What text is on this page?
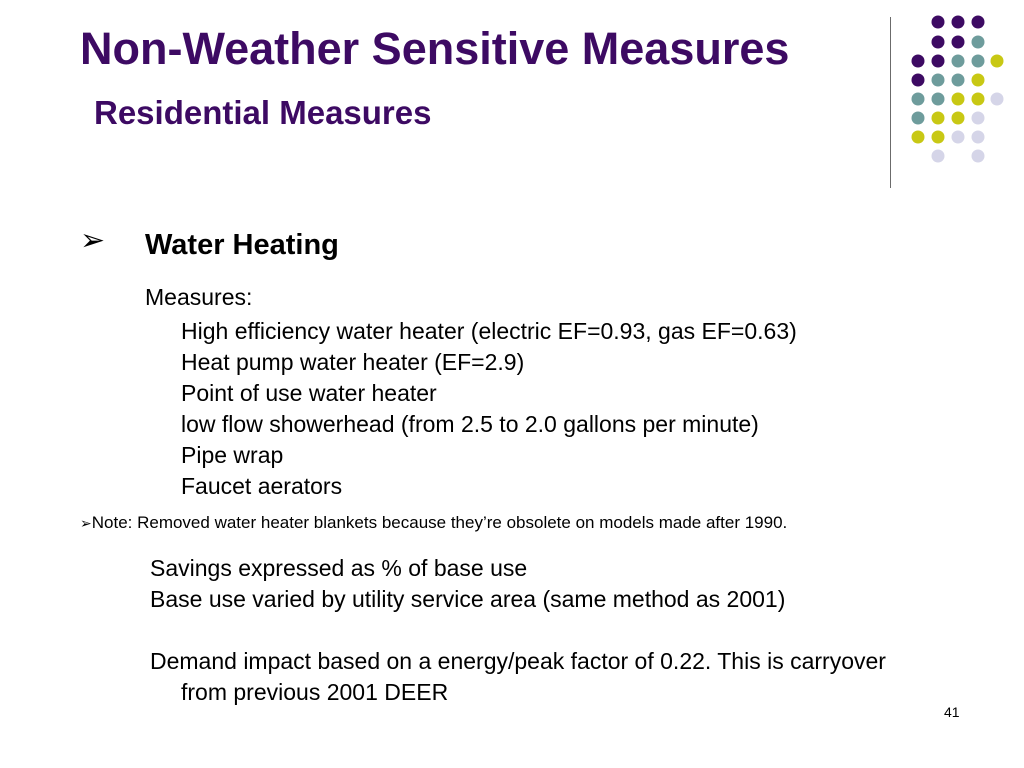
Non-Weather Sensitive Measures
Residential Measures
➢ Water Heating
Measures:
High efficiency water heater (electric EF=0.93, gas EF=0.63)
Heat pump water heater (EF=2.9)
Point of use water heater
low flow showerhead (from 2.5 to 2.0 gallons per minute)
Pipe wrap
Faucet aerators
➢Note: Removed water heater blankets because they’re obsolete on models made after 1990.
Savings expressed as % of base use
Base use varied by utility service area (same method as 2001)
Demand impact based on a energy/peak factor of 0.22. This is carryover
from previous 2001 DEER
41
